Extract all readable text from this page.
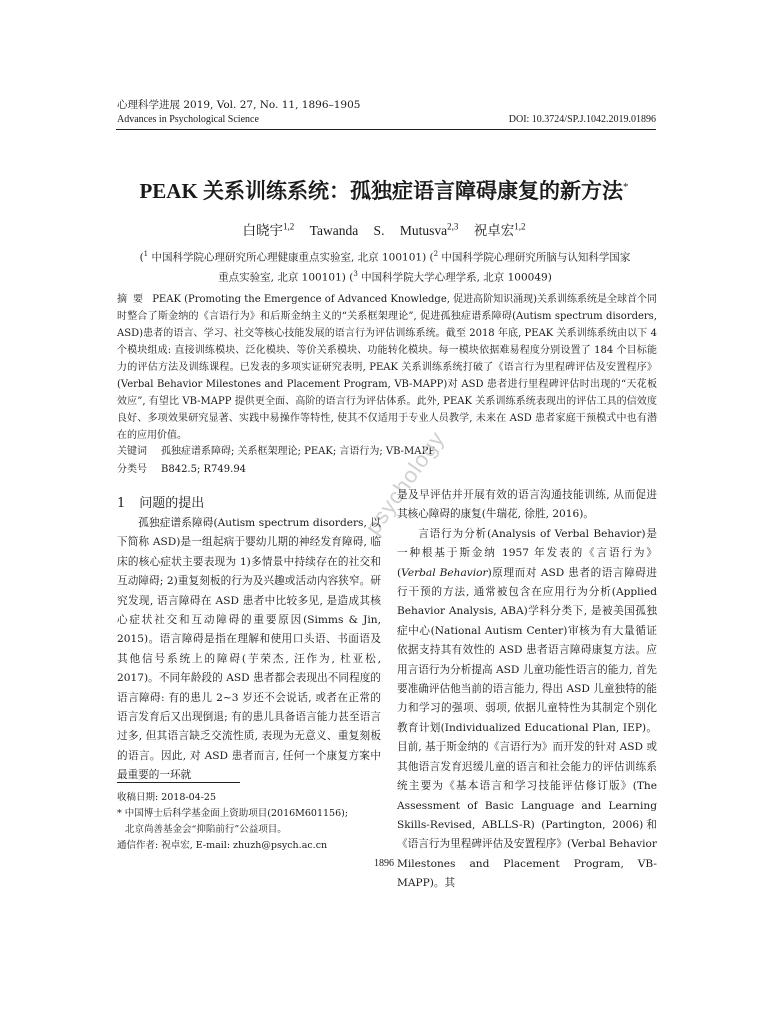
心理科学进展 2019, Vol. 27, No. 11, 1896–1905
Advances in Psychological Science	DOI: 10.3724/SP.J.1042.2019.01896
PEAK 关系训练系统：孤独症语言障碍康复的新方法*
白晓宇$^{1,2}$ Tawanda S. Mutusva$^{2,3}$ 祝卓宏$^{1,2}$
($^1$ 中国科学院心理研究所心理健康重点实验室, 北京 100101) ($^2$ 中国科学院心理研究所脑与认知科学国家重点实验室, 北京 100101) ($^3$ 中国科学院大学心理学系, 北京 100049)
摘要 PEAK (Promoting the Emergence of Advanced Knowledge, 促进高阶知识涌现)关系训练系统是全球首个同时整合了斯金纳的《言语行为》和后斯金纳主义的“关系框架理论”, 促进孤独症谱系障碍(Autism spectrum disorders, ASD)患者的语言、学习、社交等核心技能发展的语言行为评估训练系统。截至 2018 年底, PEAK 关系训练系统由以下 4 个模块组成: 直接训练模块、泛化模块、等价关系模块、功能转化模块。每一模块依据难易程度分别设置了 184 个目标能力的评估方法及训练课程。已发表的多项实证研究表明, PEAK 关系训练系统打破了《语言行为里程碑评估及安置程序》(Verbal Behavior Milestones and Placement Program, VB-MAPP)对 ASD 患者进行里程碑评估时出现的“天花板效应”, 有望比 VB-MAPP 提供更全面、高阶的语言行为评估体系。此外, PEAK 关系训练系统表现出的评估工具的信效度良好、多项效果研究显著、实践中易操作等特性, 使其不仅适用于专业人员教学, 未来在 ASD 患者家庭干预模式中也有潜在的应用价值。
关键词 孤独症谱系障碍; 关系框架理论; PEAK; 言语行为; VB-MAPP
分类号 B842.5; R749.94	psychology
1 问题的提出

孤独症谱系障碍(Autism spectrum disorders, 以下简称 ASD)是一组起病于婴幼儿期的神经发育障碍, 临床的核心症状主要表现为 1)多情景中持续存在的社交和互动障碍; 2)重复刻板的行为及兴趣或活动内容狭窄。研究发现, 语言障碍在 ASD 患者中比较多见, 是造成其核心症状社交和互动障碍的重要原因(Simms & Jin, 2015)。语言障碍是指在理解和使用口头语、书面语及其他信号系统上的障碍(芋荣杰, 汪作为, 杜亚松, 2017)。不同年龄段的 ASD 患者都会表现出不同程度的语言障碍: 有的患儿 2~3 岁还不会说话, 或者在正常的语言发育后又出现倒退; 有的患儿具备语言能力甚至语言过多, 但其语言缺乏交流性质, 表现为无意义、重复刻板的语言。因此, 对 ASD 患者而言, 任何一个康复方案中最重要的一环就

是及早评估并开展有效的语言沟通技能训练, 从而促进其核心障碍的康复(牛瑞花, 徐胜, 2016)。

言语行为分析(Analysis of Verbal Behavior)是一种根基于斯金纳 1957 年发表的《言语行为》(Verbal Behavior)原理而对 ASD 患者的语言障碍进行干预的方法, 通常被包含在应用行为分析(Applied Behavior Analysis, ABA)学科分类下, 是被美国孤独症中心(National Autism Center)审核为有大量循证依据支持其有效性的 ASD 患者语言障碍康复方法。应用言语行为分析提高 ASD 儿童功能性语言的能力, 首先要准确评估他当前的语言能力, 得出 ASD 儿童独特的能力和学习的强项、弱项, 依据儿童特性为其制定个别化教育计划(Individualized Educational Plan, IEP)。目前, 基于斯金纳的《言语行为》而开发的针对 ASD 或其他语言发育迟缓儿童的语言和社会能力的评估训练系统主要为《基本语言和学习技能评估修订版》(The Assessment of Basic Language and Learning Skills-Revised, ABLLS-R) (Partington, 2006)和《语言行为里程碑评估及安置程序》(Verbal Behavior Milestones and Placement Program, VB-MAPP)。其

收稿日期: 2018-04-25

* 中国博士后科学基金面上资助项目(2016M601156);

北京尚善基金会“抑陷前行”公益项目。

通信作者: 祝卓宏, E-mail: zhuzh@psych.ac.cn

1896
